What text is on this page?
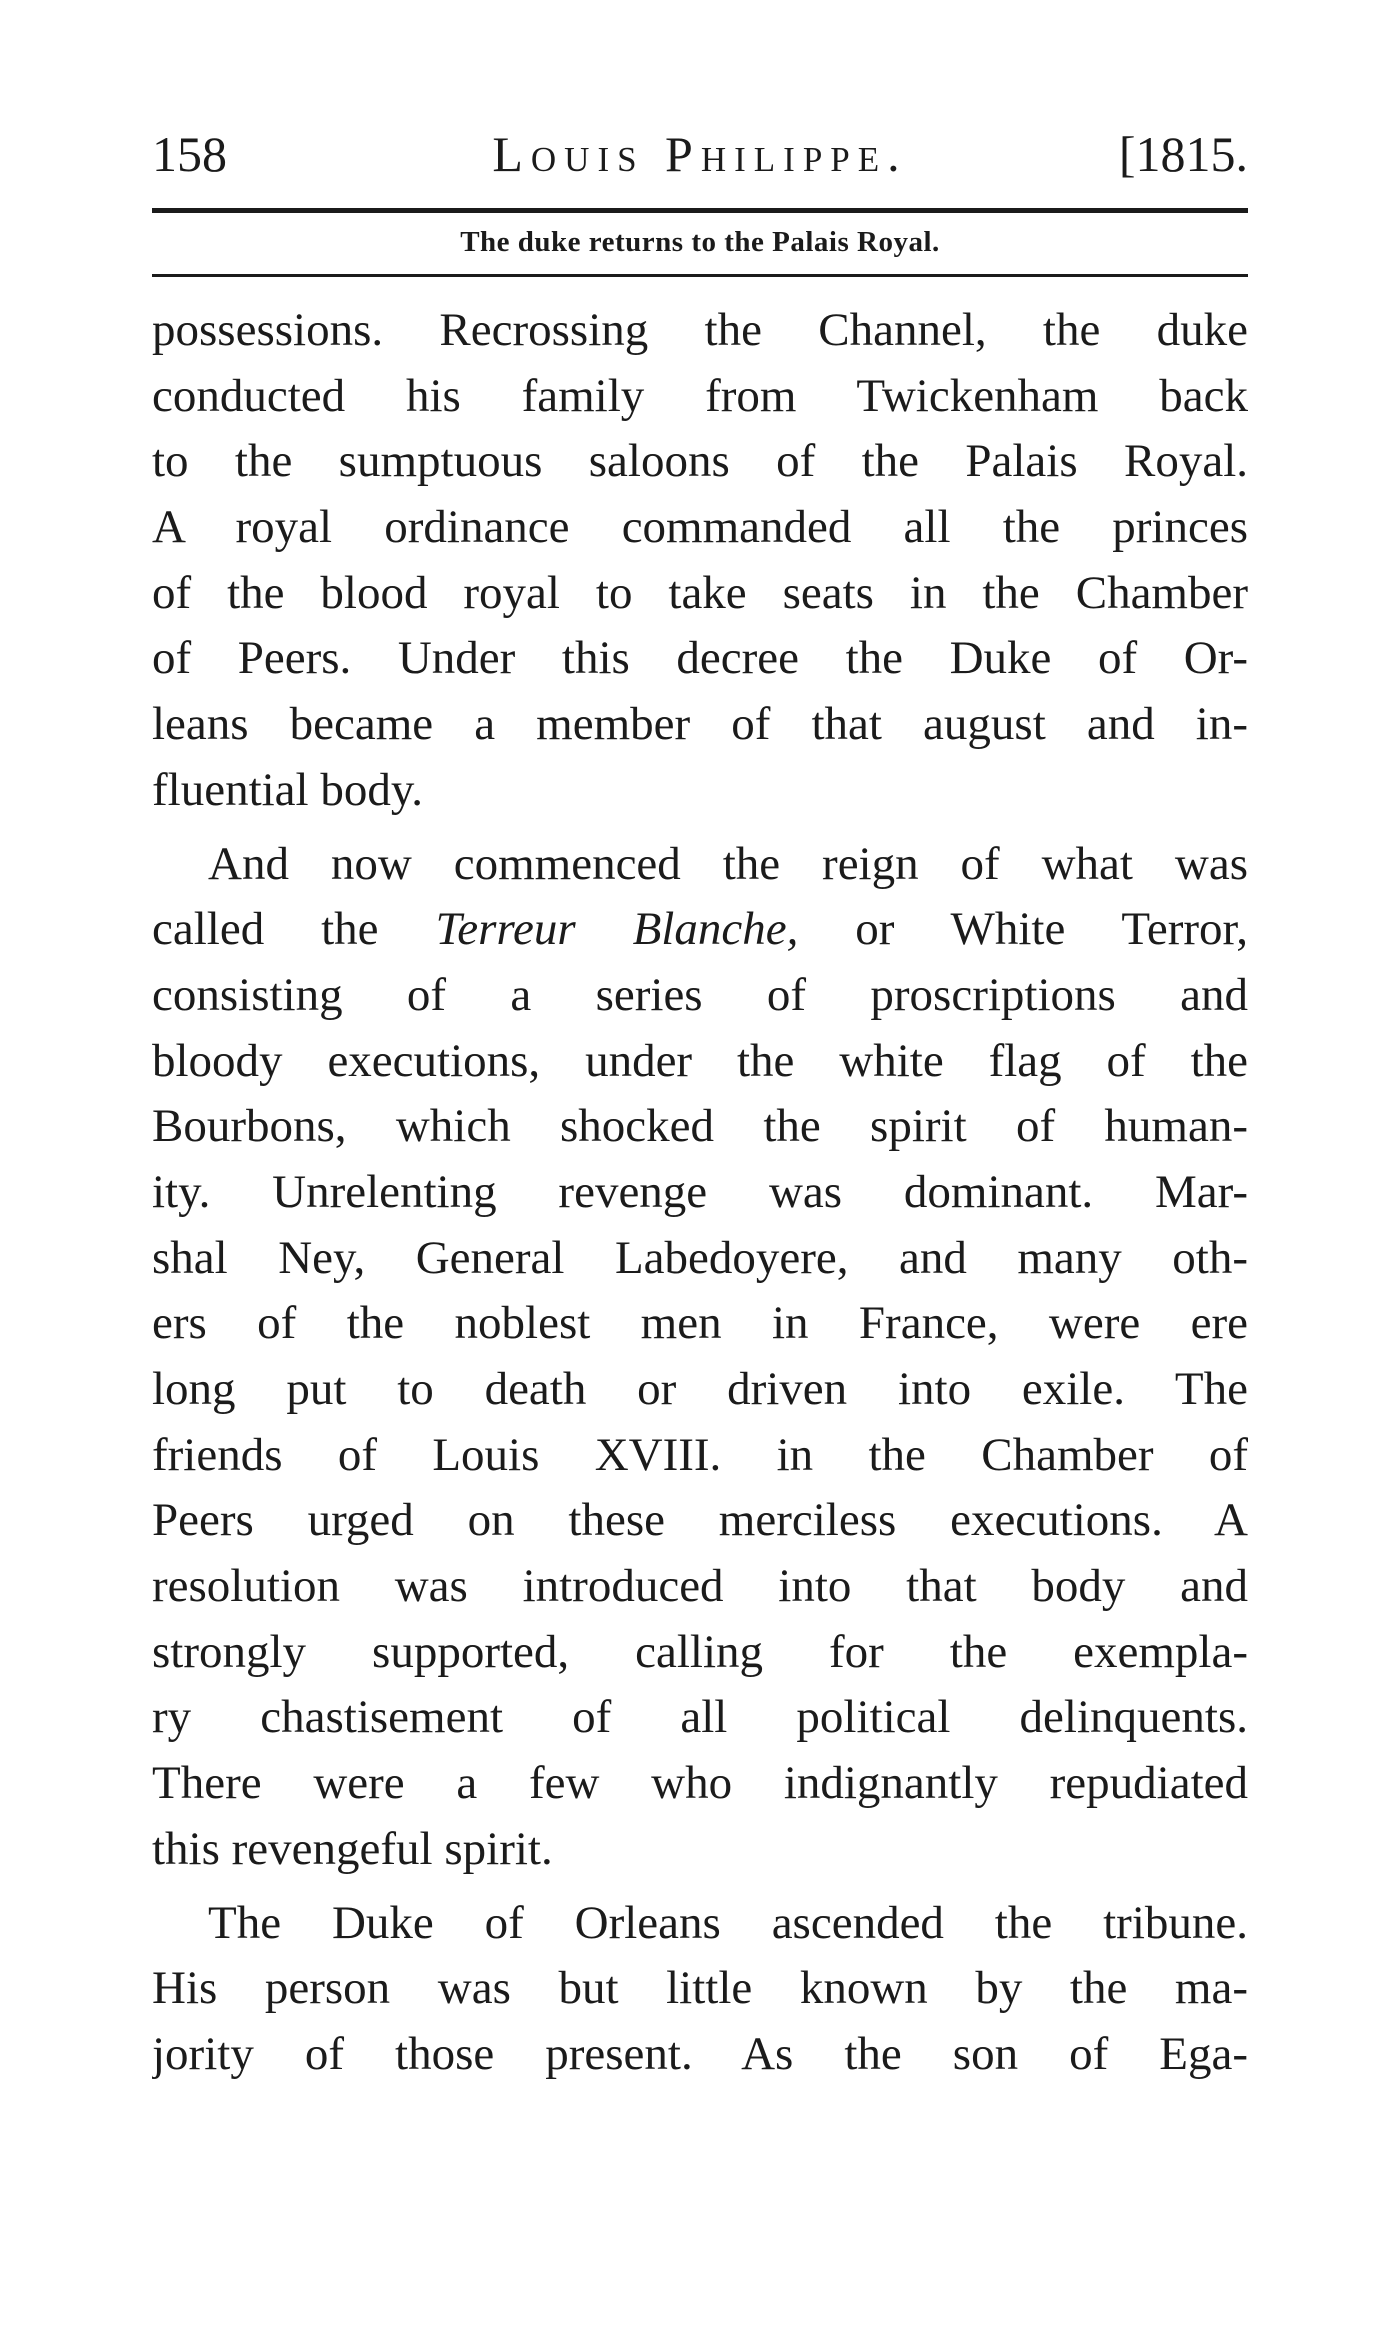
158	Louis Philippe.	[1815.
The duke returns to the Palais Royal.
possessions. Recrossing the Channel, the duke
conducted his family from Twickenham back
to the sumptuous saloons of the Palais Royal.
A royal ordinance commanded all the princes
of the blood royal to take seats in the Chamber
of Peers. Under this decree the Duke of Or-
leans became a member of that august and in-
fluential body.
And now commenced the reign of what was
called the Terreur Blanche, or White Terror,
consisting of a series of proscriptions and
bloody executions, under the white flag of the
Bourbons, which shocked the spirit of human-
ity. Unrelenting revenge was dominant. Mar-
shal Ney, General Labedoyere, and many oth-
ers of the noblest men in France, were ere
long put to death or driven into exile. The
friends of Louis XVIII. in the Chamber of
Peers urged on these merciless executions. A
resolution was introduced into that body and
strongly supported, calling for the exempla-
ry chastisement of all political delinquents.
There were a few who indignantly repudiated
this revengeful spirit.
The Duke of Orleans ascended the tribune.
His person was but little known by the ma-
jority of those present. As the son of Ega-
